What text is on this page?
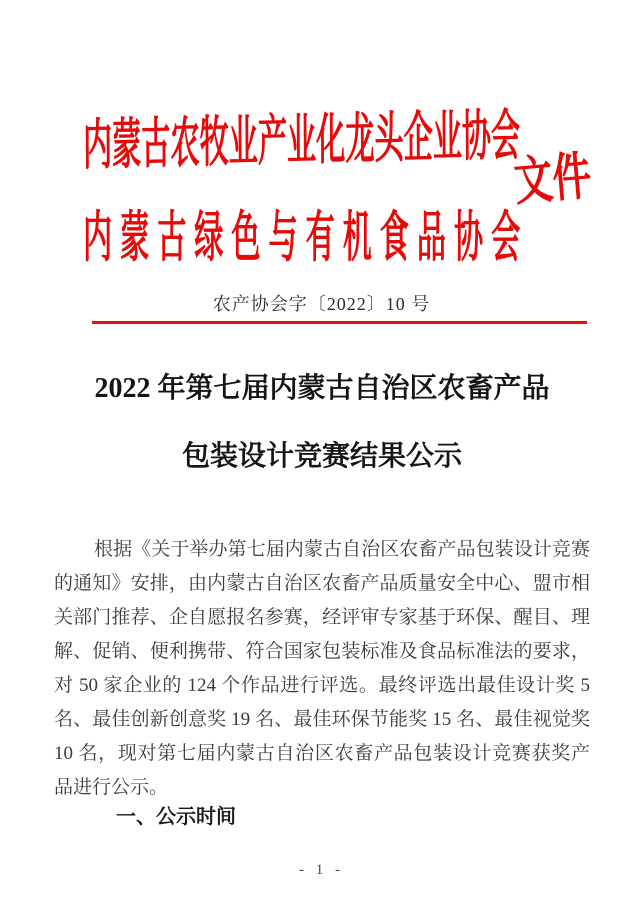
内蒙古农牧业产业化龙头企业协会
内蒙古绿色与有机食品协会
文件
农产协会字〔2022〕10 号
2022 年第七届内蒙古自治区农畜产品
包装设计竞赛结果公示
根据《关于举办第七届内蒙古自治区农畜产品包装设计竞赛
的通知》安排，由内蒙古自治区农畜产品质量安全中心、盟市相
关部门推荐、企自愿报名参赛，经评审专家基于环保、醒目、理
解、促销、便利携带、符合国家包装标准及食品标准法的要求，
对 50 家企业的 124 个作品进行评选。最终评选出最佳设计奖 5
名、最佳创新创意奖 19 名、最佳环保节能奖 15 名、最佳视觉奖
10 名，现对第七届内蒙古自治区农畜产品包装设计竞赛获奖产
品进行公示。
一、公示时间
- 1 -
